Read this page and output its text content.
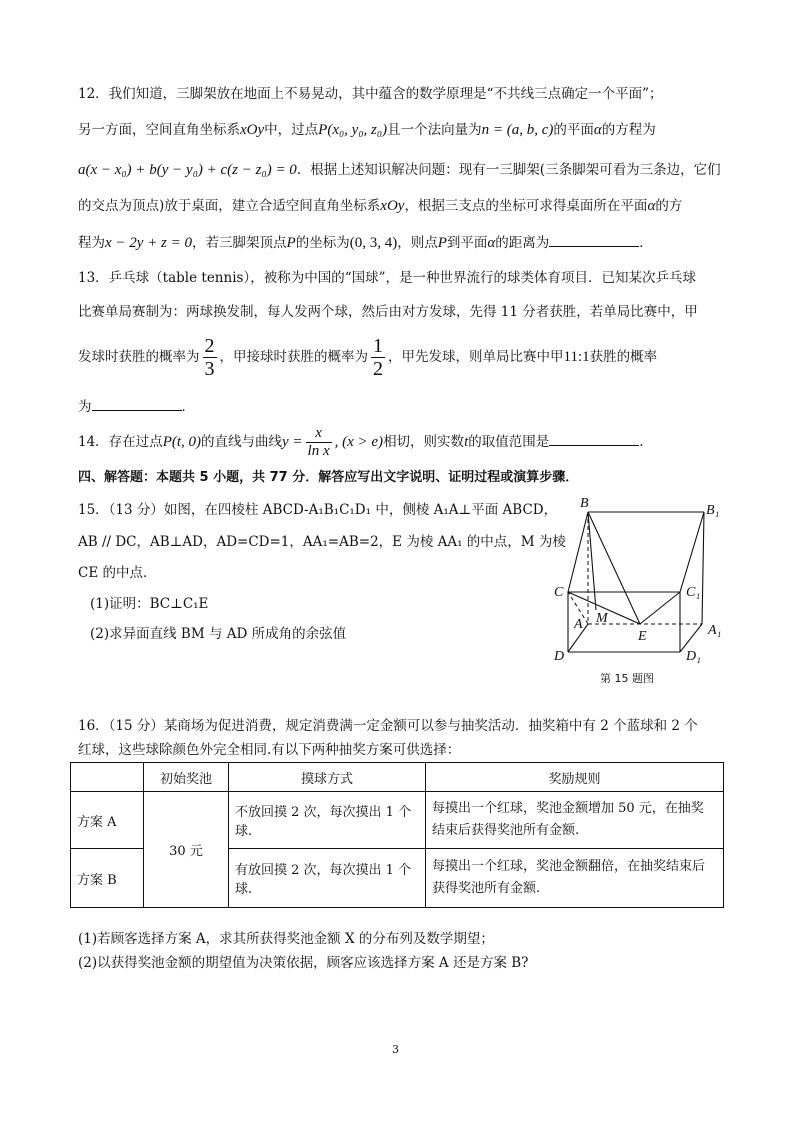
12．我们知道，三脚架放在地面上不易晃动，其中蕴含的数学原理是“不共线三点确定一个平面”；
另一方面，空间直角坐标系xOy中，过点P(x₀, y₀, z₀)且一个法向量为n = (a, b, c)的平面α的方程为
a(x − x₀) + b(y − y₀) + c(z − z₀) = 0．根据上述知识解决问题：现有一三脚架(三条脚架可看为三条边，它们
的交点为顶点)放于桌面，建立合适空间直角坐标系xOy，根据三支点的坐标可求得桌面所在平面α的方
程为x − 2y + z = 0，若三脚架顶点P的坐标为(0, 3, 4)，则点P到平面α的距离为	．
13．乒乓球（table tennis），被称为中国的“国球”，是一种世界流行的球类体育项目．已知某次乒乓球
比赛单局赛制为：两球换发制，每人发两个球，然后由对方发球，先得 11 分者获胜，若单局比赛中，甲
发球时获胜的概率为 $\frac{2}{3}$ ，甲接球时获胜的概率为 $\frac{1}{2}$ ，甲先发球，则单局比赛中甲11:1获胜的概率
为	．
14．存在过点P(t, 0)的直线与曲线$y = \frac{x}{\text{ln x}}$ , (x > e)相切，则实数t的取值范围是	．
四、解答题：本题共 5 小题，共 77 分．解答应写出文字说明、证明过程或演算步骤．
15．（13 分）如图，在四棱柱 ABCD-A₁B₁C₁D₁ 中，侧棱 A₁A⊥平面 ABCD，
AB // DC，AB⊥AD，AD=CD=1，AA₁=AB=2，E 为棱 AA₁ 的中点，M 为棱
CE 的中点．
(1)证明：BC⊥C₁E
(2)求异面直线 BM 与 AD 所成角的余弦值
B	B₁
C	C₁
M
A
E	A₁
D	D₁
第 15 题图
16．（15 分）某商场为促进消费，规定消费满一定金额可以参与抽奖活动．抽奖箱中有 2 个蓝球和 2 个
红球，这些球除颜色外完全相同.有以下两种抽奖方案可供选择：
	初始奖池	摸球方式	奖励规则
方案 A	30 元	不放回摸 2 次，每次摸出 1 个球.	每摸出一个红球，奖池金额增加 50 元，在抽奖
结束后获得奖池所有金额.
方案 B		有放回摸 2 次，每次摸出 1 个球.	每摸出一个红球，奖池金额翻倍，在抽奖结束后
获得奖池所有金额.
(1)若顾客选择方案 A，求其所获得奖池金额 X 的分布列及数学期望；
(2)以获得奖池金额的期望值为决策依据，顾客应该选择方案 A 还是方案 B?
3
